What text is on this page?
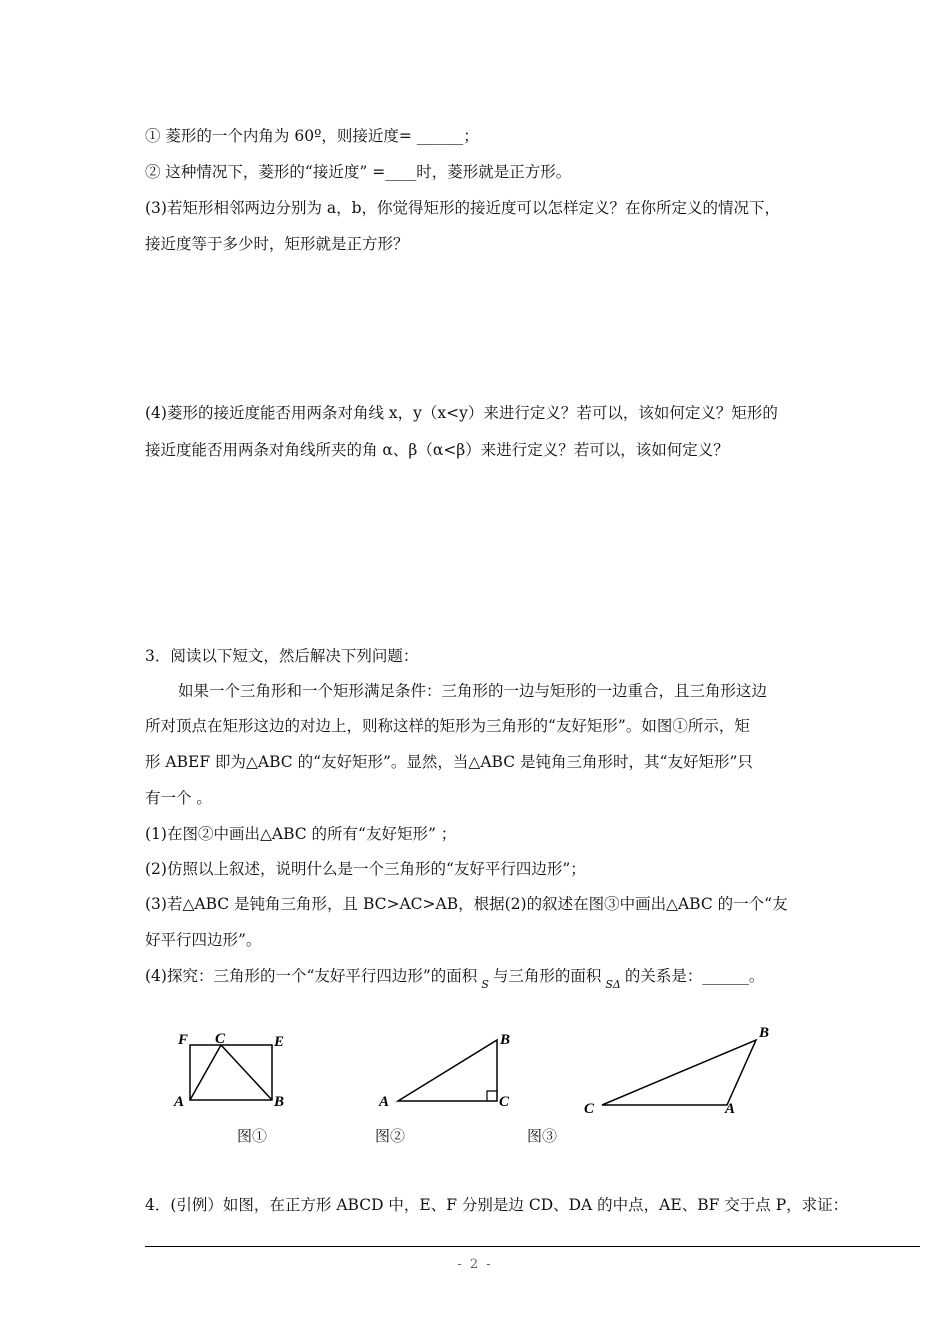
① 菱形的一个内角为 60º，则接近度= ______；
② 这种情况下，菱形的“接近度” =____时，菱形就是正方形。
(3)若矩形相邻两边分别为 a，b，你觉得矩形的接近度可以怎样定义？在你所定义的情况下，
接近度等于多少时，矩形就是正方形？
(4)菱形的接近度能否用两条对角线 x，y（x<y）来进行定义？若可以，该如何定义？矩形的
接近度能否用两条对角线所夹的角 α、β（α<β）来进行定义？若可以，该如何定义？
3．阅读以下短文，然后解决下列问题：
如果一个三角形和一个矩形满足条件：三角形的一边与矩形的一边重合，且三角形这边
所对顶点在矩形这边的对边上，则称这样的矩形为三角形的“友好矩形”。如图①所示，矩
形 ABEF 即为△ABC 的“友好矩形”。显然，当△ABC 是钝角三角形时，其“友好矩形”只
有一个 。
(1)在图②中画出△ABC 的所有“友好矩形” ；
(2)仿照以上叙述，说明什么是一个三角形的“友好平行四边形”；
(3)若△ABC 是钝角三角形，且 BC>AC>AB，根据(2)的叙述在图③中画出△ABC 的一个“友
好平行四边形”。
(4)探究：三角形的一个“友好平行四边形”的面积 $_S$ 与三角形的面积 $_{S\Delta}$ 的关系是：______。
F C	E
A	B
图①
B
A	C
图②
B
C	A
图③
4．(引例）如图，在正方形 ABCD 中，E、F 分别是边 CD、DA 的中点，AE、BF 交于点 P，求证：
- 2 -
